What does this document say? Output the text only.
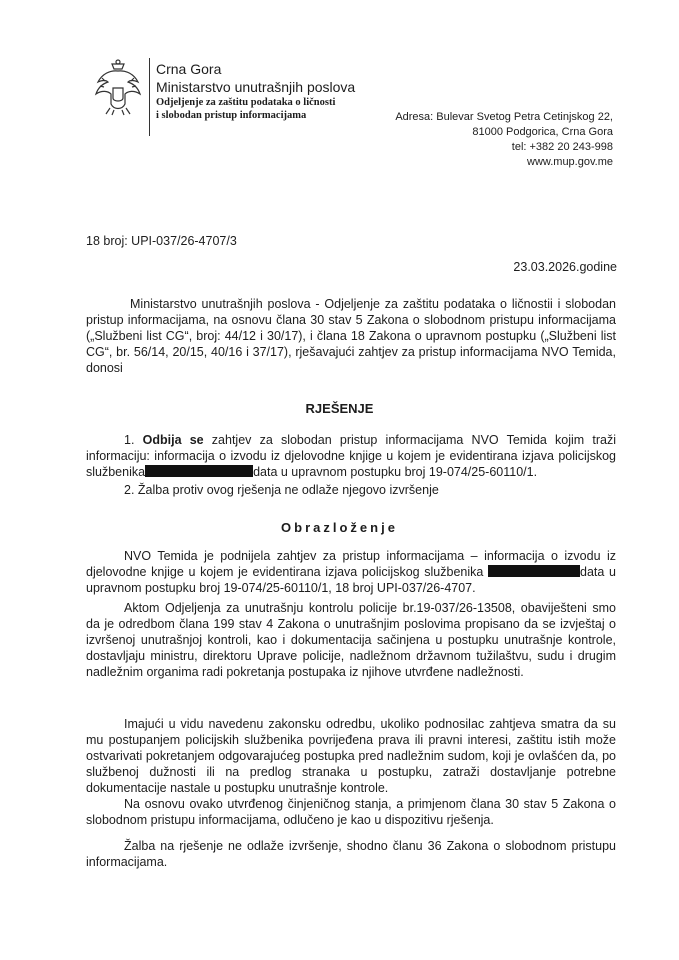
Crna Gora
Ministarstvo unutrašnjih poslova
Odjeljenje za zaštitu podataka o ličnosti
i slobodan pristup informacijama	Adresa: Bulevar Svetog Petra Cetinjskog 22,
81000 Podgorica, Crna Gora
tel: +382 20 243-998
www.mup.gov.me
18 broj: UPI-037/26-4707/3
23.03.2026.godine
Ministarstvo unutrašnjih poslova - Odjeljenje za zaštitu podataka o ličnostii i slobodan pristup informacijama, na osnovu člana 30 stav 5 Zakona o slobodnom pristupu informacijama („Službeni list CG“, broj: 44/12 i 30/17), i člana 18 Zakona o upravnom postupku („Službeni list CG“, br. 56/14, 20/15, 40/16 i 37/17), rješavajući zahtjev za pristup informacijama NVO Temida, donosi
RJEŠENJE
1. Odbija se zahtjev za slobodan pristup informacijama NVO Temida kojim traži informaciju: informacija o izvodu iz djelovodne knjige u kojem je evidentirana izjava policijskog službenika	data u upravnom postupku broj 19-074/25-60110/1.
2. Žalba protiv ovog rješenja ne odlaže njegovo izvršenje
Obrazloženje
NVO Temida je podnijela zahtjev za pristup informacijama – informacija o izvodu iz djelovodne knjige u kojem je evidentirana izjava policijskog službenika	data u upravnom postupku broj 19-074/25-60110/1, 18 broj UPI-037/26-4707.
Aktom Odjeljenja za unutrašnju kontrolu policije br.19-037/26-13508, obaviješteni smo da je odredbom člana 199 stav 4 Zakona o unutrašnjim poslovima propisano da se izvještaj o izvršenoj unutrašnjoj kontroli, kao i dokumentacija sačinjena u postupku unutrašnje kontrole, dostavljaju ministru, direktoru Uprave policije, nadležnom državnom tužilaštvu, sudu i drugim nadležnim organima radi pokretanja postupaka iz njihove utvrđene nadležnosti.
Imajući u vidu navedenu zakonsku odredbu, ukoliko podnosilac zahtjeva smatra da su mu postupanjem policijskih službenika povrijeđena prava ili pravni interesi, zaštitu istih može ostvarivati pokretanjem odgovarajućeg postupka pred nadležnim sudom, koji je ovlašćen da, po službenoj dužnosti ili na predlog stranaka u postupku, zatraži dostavljanje potrebne dokumentacije nastale u postupku unutrašnje kontrole.
Na osnovu ovako utvrđenog činjeničnog stanja, a primjenom člana 30 stav 5 Zakona o slobodnom pristupu informacijama, odlučeno je kao u dispozitivu rješenja.
Žalba na rješenje ne odlaže izvršenje, shodno članu 36 Zakona o slobodnom pristupu informacijama.
